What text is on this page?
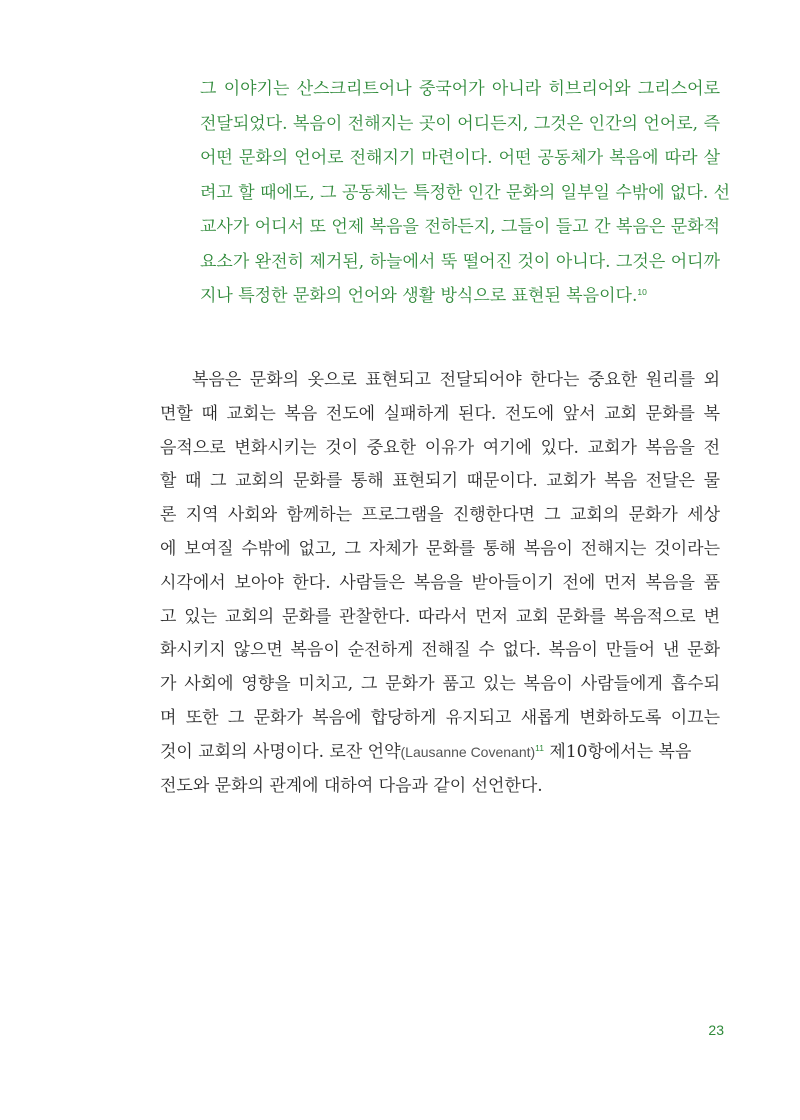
그 이야기는 산스크리트어나 중국어가 아니라 히브리어와 그리스어로
전달되었다. 복음이 전해지는 곳이 어디든지, 그것은 인간의 언어로, 즉
어떤 문화의 언어로 전해지기 마련이다. 어떤 공동체가 복음에 따라 살
려고 할 때에도, 그 공동체는 특정한 인간 문화의 일부일 수밖에 없다. 선
교사가 어디서 또 언제 복음을 전하든지, 그들이 들고 간 복음은 문화적
요소가 완전히 제거된, 하늘에서 뚝 떨어진 것이 아니다. 그것은 어디까
지나 특정한 문화의 언어와 생활 방식으로 표현된 복음이다.$^{10}$
복음은 문화의 옷으로 표현되고 전달되어야 한다는 중요한 원리를 외
면할 때 교회는 복음 전도에 실패하게 된다. 전도에 앞서 교회 문화를 복
음적으로 변화시키는 것이 중요한 이유가 여기에 있다. 교회가 복음을 전
할 때 그 교회의 문화를 통해 표현되기 때문이다. 교회가 복음 전달은 물
론 지역 사회와 함께하는 프로그램을 진행한다면 그 교회의 문화가 세상
에 보여질 수밖에 없고, 그 자체가 문화를 통해 복음이 전해지는 것이라는
시각에서 보아야 한다. 사람들은 복음을 받아들이기 전에 먼저 복음을 품
고 있는 교회의 문화를 관찰한다. 따라서 먼저 교회 문화를 복음적으로 변
화시키지 않으면 복음이 순전하게 전해질 수 없다. 복음이 만들어 낸 문화
가 사회에 영향을 미치고, 그 문화가 품고 있는 복음이 사람들에게 흡수되
며 또한 그 문화가 복음에 합당하게 유지되고 새롭게 변화하도록 이끄는
것이 교회의 사명이다. 로잔 언약(Lausanne Covenant)$^{11}$ 제10항에서는 복음
전도와 문화의 관계에 대하여 다음과 같이 선언한다.
23
